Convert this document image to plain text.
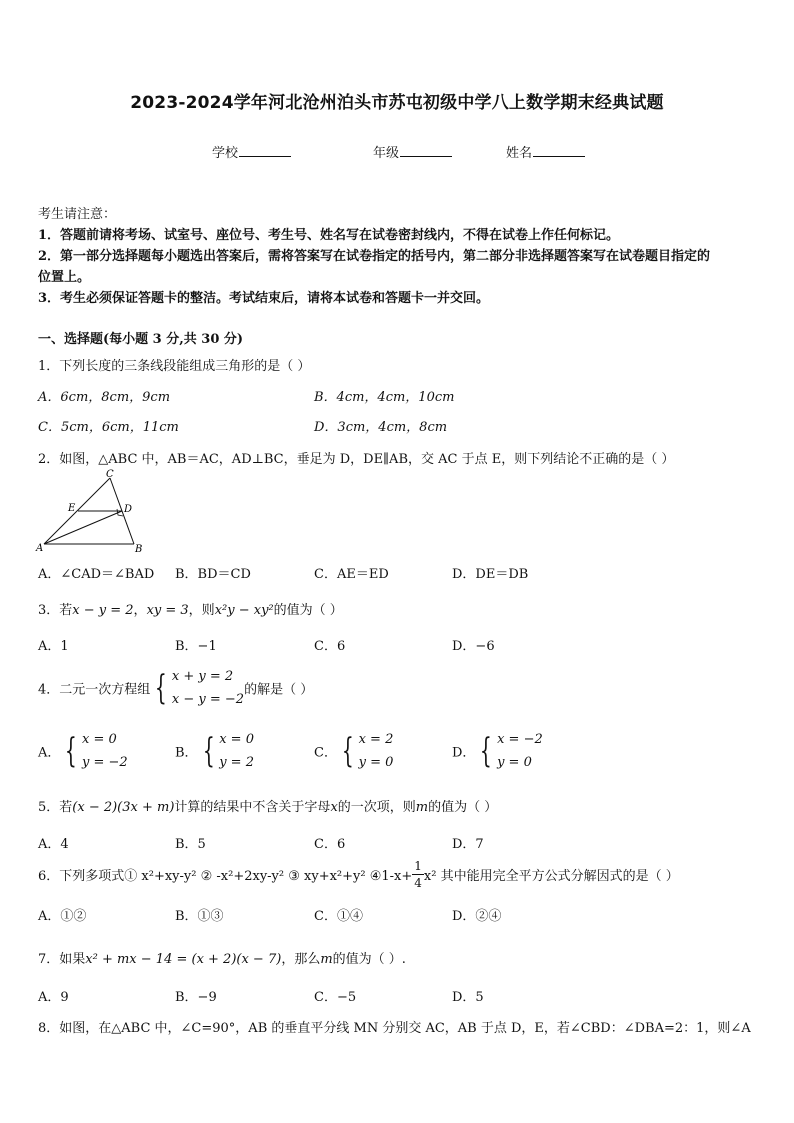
2023-2024学年河北沧州泊头市苏屯初级中学八上数学期末经典试题
学校	年级	姓名
考生请注意：
1．答题前请将考场、试室号、座位号、考生号、姓名写在试卷密封线内，不得在试卷上作任何标记。
2．第一部分选择题每小题选出答案后，需将答案写在试卷指定的括号内，第二部分非选择题答案写在试卷题目指定的
位置上。
3．考生必须保证答题卡的整洁。考试结束后，请将本试卷和答题卡一并交回。
一、选择题(每小题 3 分,共 30 分)
1．下列长度的三条线段能组成三角形的是（ ）
A．6cm，8cm，9cm	B．4cm，4cm，10cm
C．5cm，6cm，11cm	D．3cm，4cm，8cm
2．如图，△ABC 中，AB＝AC，AD⊥BC，垂足为 D，DE∥AB，交 AC 于点 E，则下列结论不正确的是（ ）
C
E	D
A	B
A．∠CAD＝∠BAD B．BD＝CD	C．AE＝ED	D．DE＝DB
3．若x − y = 2，xy = 3，则x²y − xy²的值为（ ）
A．1	B．−1	C．6	D．−6
4．二元一次方程组 { x + y = 2
x − y = −2
的解是（ ）
A． { x = 0
y = −2
B． { x = 0
y = 2
C． { x = 2
y = 0
D． { x = −2
y = 0
5．若(x − 2)(3x + m)计算的结果中不含关于字母x的一次项，则m的值为（ ）
A．4	B．5	C．6	D．7
6．下列多项式① x²+xy-y² ② -x²+2xy-y² ③ xy+x²+y² ④1-x+ $\frac{1}{4} x^2$ 其中能用完全平方公式分解因式的是（ ）
A．①②	B．①③	C．①④	D．②④
7．如果x² + mx − 14 = (x + 2)(x − 7)，那么m的值为（ ）.
A．9	B．−9	C．−5	D．5
8．如图，在△ABC 中，∠C=90°，AB 的垂直平分线 MN 分别交 AC，AB 于点 D，E，若∠CBD：∠DBA=2：1，则∠A
